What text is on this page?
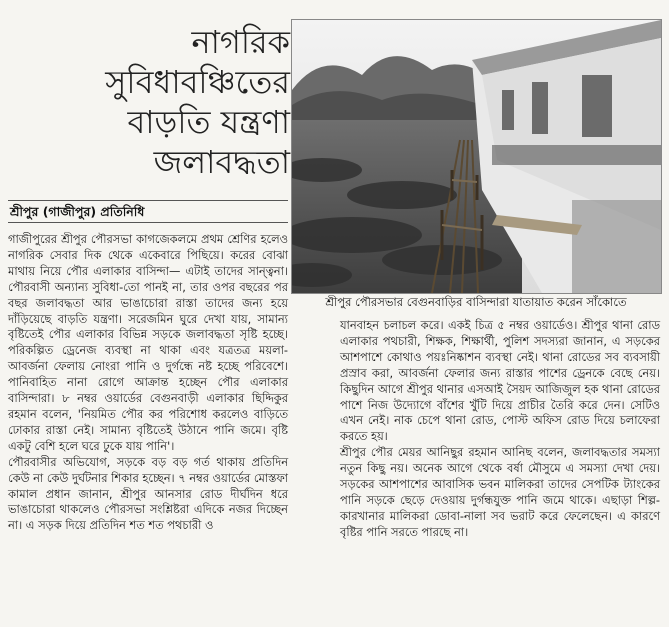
নাগরিক
সুবিধাবঞ্চিতের
বাড়তি যন্ত্রণা
জলাবদ্ধতা
শ্রীপুর (গাজীপুর) প্রতিনিধি

গাজীপুরের শ্রীপুর পৌরসভা কাগজেকলমে প্রথম শ্রেণির হলেও নাগরিক সেবার দিক থেকে একেবারে পিছিয়ে। করের বোঝা মাথায় নিয়ে পৌর এলাকার বাসিন্দা— এটাই তাদের সান্ত্বনা। পৌরবাসী অন্যান্য সুবিধা-তো পানই না, তার ওপর বছরের পর বছর জলাবদ্ধতা আর ভাঙাচোরা রাস্তা তাদের জন্য হয়ে দাঁড়িয়েছে বাড়তি যন্ত্রণা। সরেজমিন ঘুরে দেখা যায়, সামান্য বৃষ্টিতেই পৌর এলাকার বিভিন্ন সড়কে জলাবদ্ধতা সৃষ্টি হচ্ছে। পরিকল্পিত ড্রেনেজ ব্যবস্থা না থাকা এবং যত্রতত্র ময়লা-আবর্জনা ফেলায় নোংরা পানি ও দুর্গন্ধে নষ্ট হচ্ছে পরিবেশে। পানিবাহিত নানা রোগে আক্রান্ত হচ্ছেন পৌর এলাকার বাসিন্দারা। ৮ নম্বর ওয়ার্ডের বেগুনবাড়ী এলাকার ছিদ্দিকুর রহমান বলেন, 'নিয়মিত পৌর কর পরিশোধ করলেও বাড়িতে ঢোকার রাস্তা নেই। সামান্য বৃষ্টিতেই উঠানে পানি জমে। বৃষ্টি একটু বেশি হলে ঘরে ঢুকে যায় পানি'।

পৌরবাসীর অভিযোগ, সড়কে বড় বড় গর্ত থাকায় প্রতিদিন কেউ না কেউ দুর্ঘটনার শিকার হচ্ছেন। ৭ নম্বর ওয়ার্ডের মোস্তফা কামাল প্রধান জানান, শ্রীপুর আনসার রোড দীর্ঘদিন ধরে ভাঙাচোরা থাকলেও পৌরসভা সংশ্লিষ্টরা এদিকে নজর দিচ্ছেন না। এ সড়ক দিয়ে প্রতিদিন শত শত পথচারী ও

শ্রীপুর পৌরসভার বেগুনবাড়ির বাসিন্দারা যাতায়াত করেন সাঁকোতে

যানবাহন চলাচল করে। একই চিত্র ৫ নম্বর ওয়ার্ডেও। শ্রীপুর থানা রোড এলাকার পথচারী, শিক্ষক, শিক্ষার্থী, পুলিশ সদস্যরা জানান, এ সড়কের আশপাশে কোথাও পয়ঃনিষ্কাশন ব্যবস্থা নেই। থানা রোডের সব ব্যবসায়ী প্রস্রাব করা, আবর্জনা ফেলার জন্য রাস্তার পাশের ড্রেনকে বেছে নেয়। কিছুদিন আগে শ্রীপুর থানার এসআই সৈয়দ আজিজুল হক থানা রোডের পাশে নিজ উদ্যোগে বাঁশের খুঁটি দিয়ে প্রাচীর তৈরি করে দেন। সেটিও এখন নেই। নাক চেপে থানা রোড, পোস্ট অফিস রোড দিয়ে চলাফেরা করতে হয়।

শ্রীপুর পৌর মেয়র আনিছুর রহমান আনিছ বলেন, জলাবদ্ধতার সমস্যা নতুন কিছু নয়। অনেক আগে থেকে বর্ষা মৌসুমে এ সমস্যা দেখা দেয়। সড়কের আশপাশের আবাসিক ভবন মালিকরা তাদের সেপটিক ট্যাংকের পানি সড়কে ছেড়ে দেওয়ায় দুর্গন্ধযুক্ত পানি জমে থাকে। এছাড়া শিল্প-কারখানার মালিকরা ডোবা-নালা সব ভরাট করে ফেলেছেন। এ কারণে বৃষ্টির পানি সরতে পারছে না।
